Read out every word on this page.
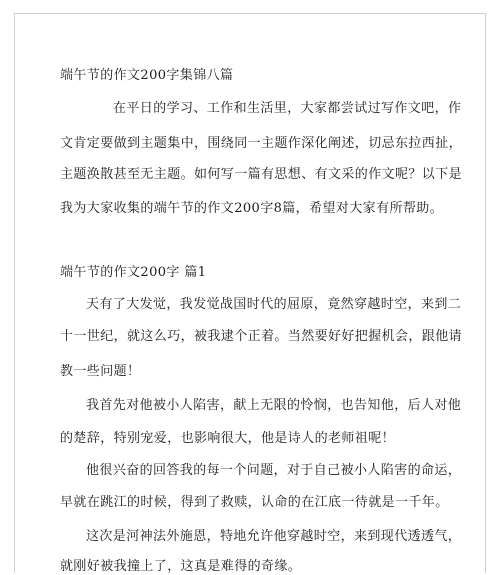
端午节的作文200字集锦八篇
在平日的学习、工作和生活里，大家都尝试过写作文吧，作
文肯定要做到主题集中，围绕同一主题作深化阐述，切忌东拉西扯，
主题涣散甚至无主题。如何写一篇有思想、有文采的作文呢？以下是
我为大家收集的端午节的作文200字8篇，希望对大家有所帮助。
端午节的作文200字 篇1
天有了大发觉，我发觉战国时代的屈原，竟然穿越时空，来到二
十一世纪，就这么巧，被我逮个正着。当然要好好把握机会，跟他请
教一些问题！
我首先对他被小人陷害，献上无限的怜悯，也告知他，后人对他
的楚辞，特别宠爱，也影响很大，他是诗人的老师祖呢！
他很兴奋的回答我的每一个问题，对于自己被小人陷害的命运，
早就在跳江的时候，得到了救赎，认命的在江底一待就是一千年。
这次是河神法外施恩，特地允许他穿越时空，来到现代透透气，
就刚好被我撞上了，这真是难得的奇缘。
